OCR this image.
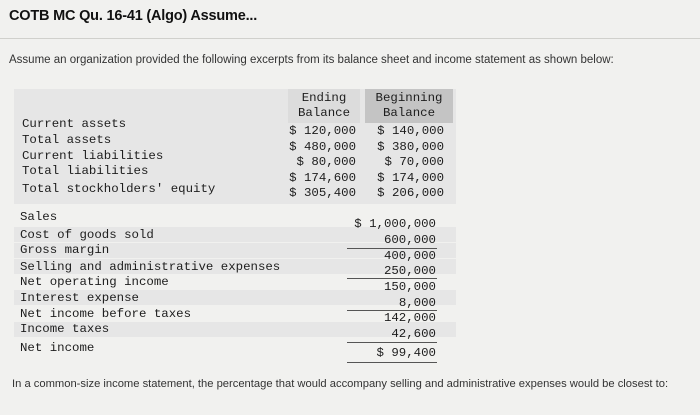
COTB MC Qu. 16-41 (Algo) Assume...
Assume an organization provided the following excerpts from its balance sheet and income statement as shown below:
Ending
Balance
Beginning
Balance
Current assets	$ 120,000 $ 140,000
Total assets	$ 480,000 $ 380,000
Current liabilities	$ 80,000 $ 70,000
Total liabilities	$ 174,600 $ 174,000
Total stockholders' equity	$ 305,400 $ 206,000
Sales	$ 1,000,000
Cost of goods sold	600,000
Gross margin	400,000
Selling and administrative expenses	250,000
Net operating income	150,000
Interest expense	8,000
Net income before taxes	142,000
Income taxes	42,600
Net income	$ 99,400
In a common-size income statement, the percentage that would accompany selling and administrative expenses would be closest to:
